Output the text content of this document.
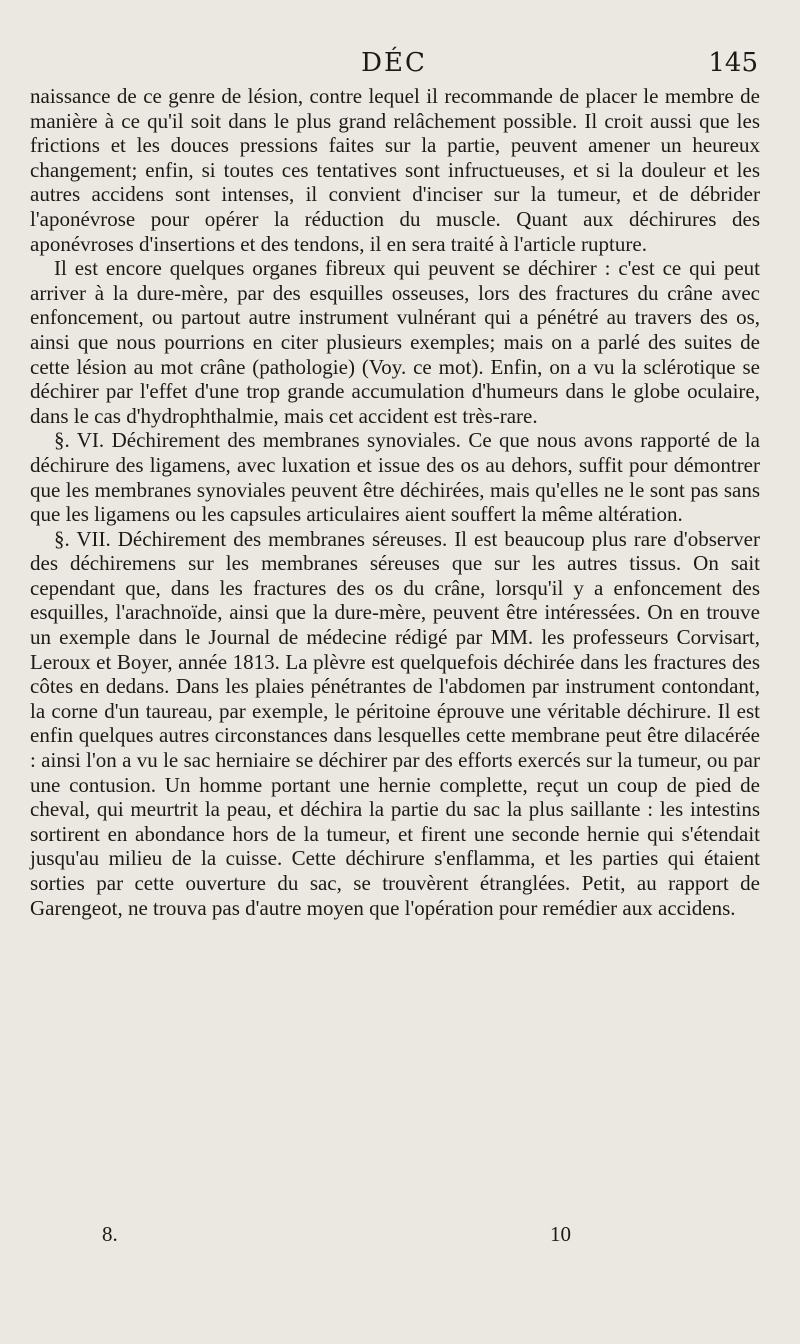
DÉC	145

naissance de ce genre de lésion, contre lequel il recommande de placer le membre de manière à ce qu'il soit dans le plus grand relâchement possible. Il croit aussi que les frictions et les douces pressions faites sur la partie, peuvent amener un heureux changement; enfin, si toutes ces tentatives sont infructueuses, et si la douleur et les autres accidens sont intenses, il convient d'inciser sur la tumeur, et de débrider l'aponévrose pour opérer la réduction du muscle. Quant aux déchirures des aponévroses d'insertions et des tendons, il en sera traité à l'article rupture.

Il est encore quelques organes fibreux qui peuvent se déchirer : c'est ce qui peut arriver à la dure-mère, par des esquilles osseuses, lors des fractures du crâne avec enfoncement, ou partout autre instrument vulnérant qui a pénétré au travers des os, ainsi que nous pourrions en citer plusieurs exemples; mais on a parlé des suites de cette lésion au mot crâne (pathologie) (Voy. ce mot). Enfin, on a vu la sclérotique se déchirer par l'effet d'une trop grande accumulation d'humeurs dans le globe oculaire, dans le cas d'hydrophthalmie, mais cet accident est très-rare.

§. VI. Déchirement des membranes synoviales. Ce que nous avons rapporté de la déchirure des ligamens, avec luxation et issue des os au dehors, suffit pour démontrer que les membranes synoviales peuvent être déchirées, mais qu'elles ne le sont pas sans que les ligamens ou les capsules articulaires aient souffert la même altération.

§. VII. Déchirement des membranes séreuses. Il est beaucoup plus rare d'observer des déchiremens sur les membranes séreuses que sur les autres tissus. On sait cependant que, dans les fractures des os du crâne, lorsqu'il y a enfoncement des esquilles, l'arachnoïde, ainsi que la dure-mère, peuvent être intéressées. On en trouve un exemple dans le Journal de médecine rédigé par MM. les professeurs Corvisart, Leroux et Boyer, année 1813. La plèvre est quelquefois déchirée dans les fractures des côtes en dedans. Dans les plaies pénétrantes de l'abdomen par instrument contondant, la corne d'un taureau, par exemple, le péritoine éprouve une véritable déchirure. Il est enfin quelques autres circonstances dans lesquelles cette membrane peut être dilacérée : ainsi l'on a vu le sac herniaire se déchirer par des efforts exercés sur la tumeur, ou par une contusion. Un homme portant une hernie complette, reçut un coup de pied de cheval, qui meurtrit la peau, et déchira la partie du sac la plus saillante : les intestins sortirent en abondance hors de la tumeur, et firent une seconde hernie qui s'étendait jusqu'au milieu de la cuisse. Cette déchirure s'enflamma, et les parties qui étaient sorties par cette ouverture du sac, se trouvèrent étranglées. Petit, au rapport de Garengeot, ne trouva pas d'autre moyen que l'opération pour remédier aux accidens.

8.	10
